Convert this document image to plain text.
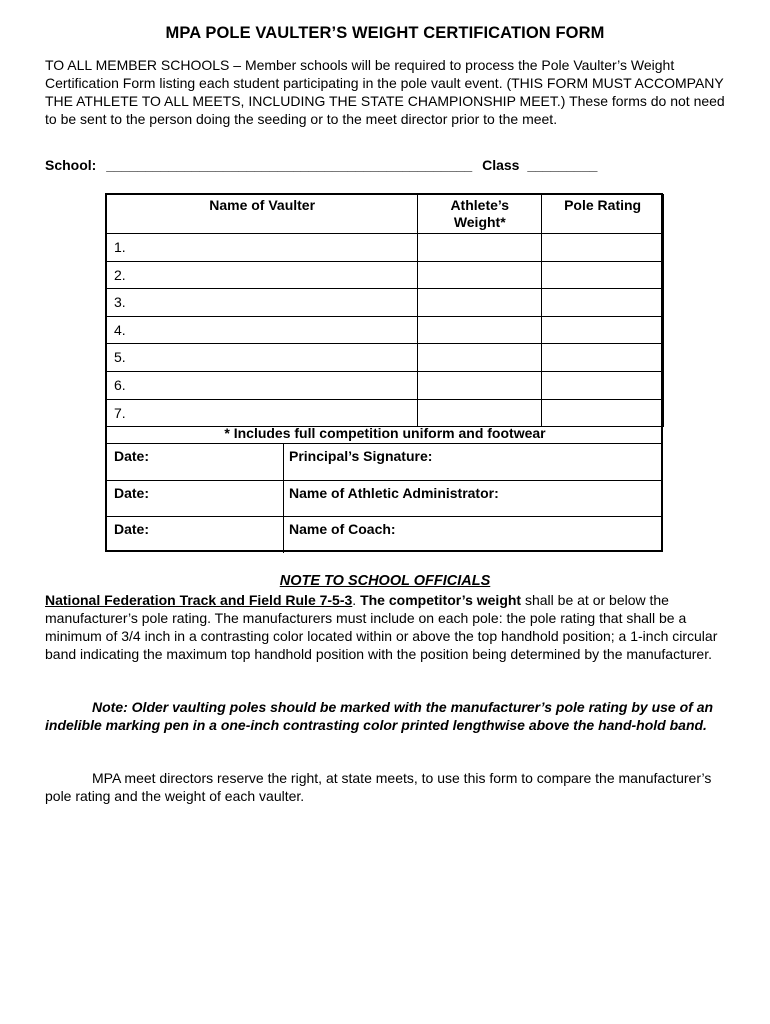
MPA POLE VAULTER’S WEIGHT CERTIFICATION FORM

TO ALL MEMBER SCHOOLS – Member schools will be required to process the Pole Vaulter’s Weight Certification Form listing each student participating in the pole vault event. (THIS FORM MUST ACCOMPANY THE ATHLETE TO ALL MEETS, INCLUDING THE STATE CHAMPIONSHIP MEET.) These forms do not need to be sent to the person doing the seeding or to the meet director prior to the meet.

School: _______________________________________________ Class _________
Name of Vaulter	Athlete’s Weight*	Pole Rating
1.		
2.		
3.		
4.		
5.		
6.		
7.		
* Includes full competition uniform and footwear
Date:	Principal’s Signature:
Date:	Name of Athletic Administrator:
Date:	Name of Coach:
NOTE TO SCHOOL OFFICIALS

National Federation Track and Field Rule 7-5-3. The competitor’s weight shall be at or below the manufacturer’s pole rating. The manufacturers must include on each pole: the pole rating that shall be a minimum of 3/4 inch in a contrasting color located within or above the top handhold position; a 1-inch circular band indicating the maximum top handhold position with the position being determined by the manufacturer.

Note: Older vaulting poles should be marked with the manufacturer’s pole rating by use of an indelible marking pen in a one-inch contrasting color printed lengthwise above the hand-hold band.

MPA meet directors reserve the right, at state meets, to use this form to compare the manufacturer’s pole rating and the weight of each vaulter.
